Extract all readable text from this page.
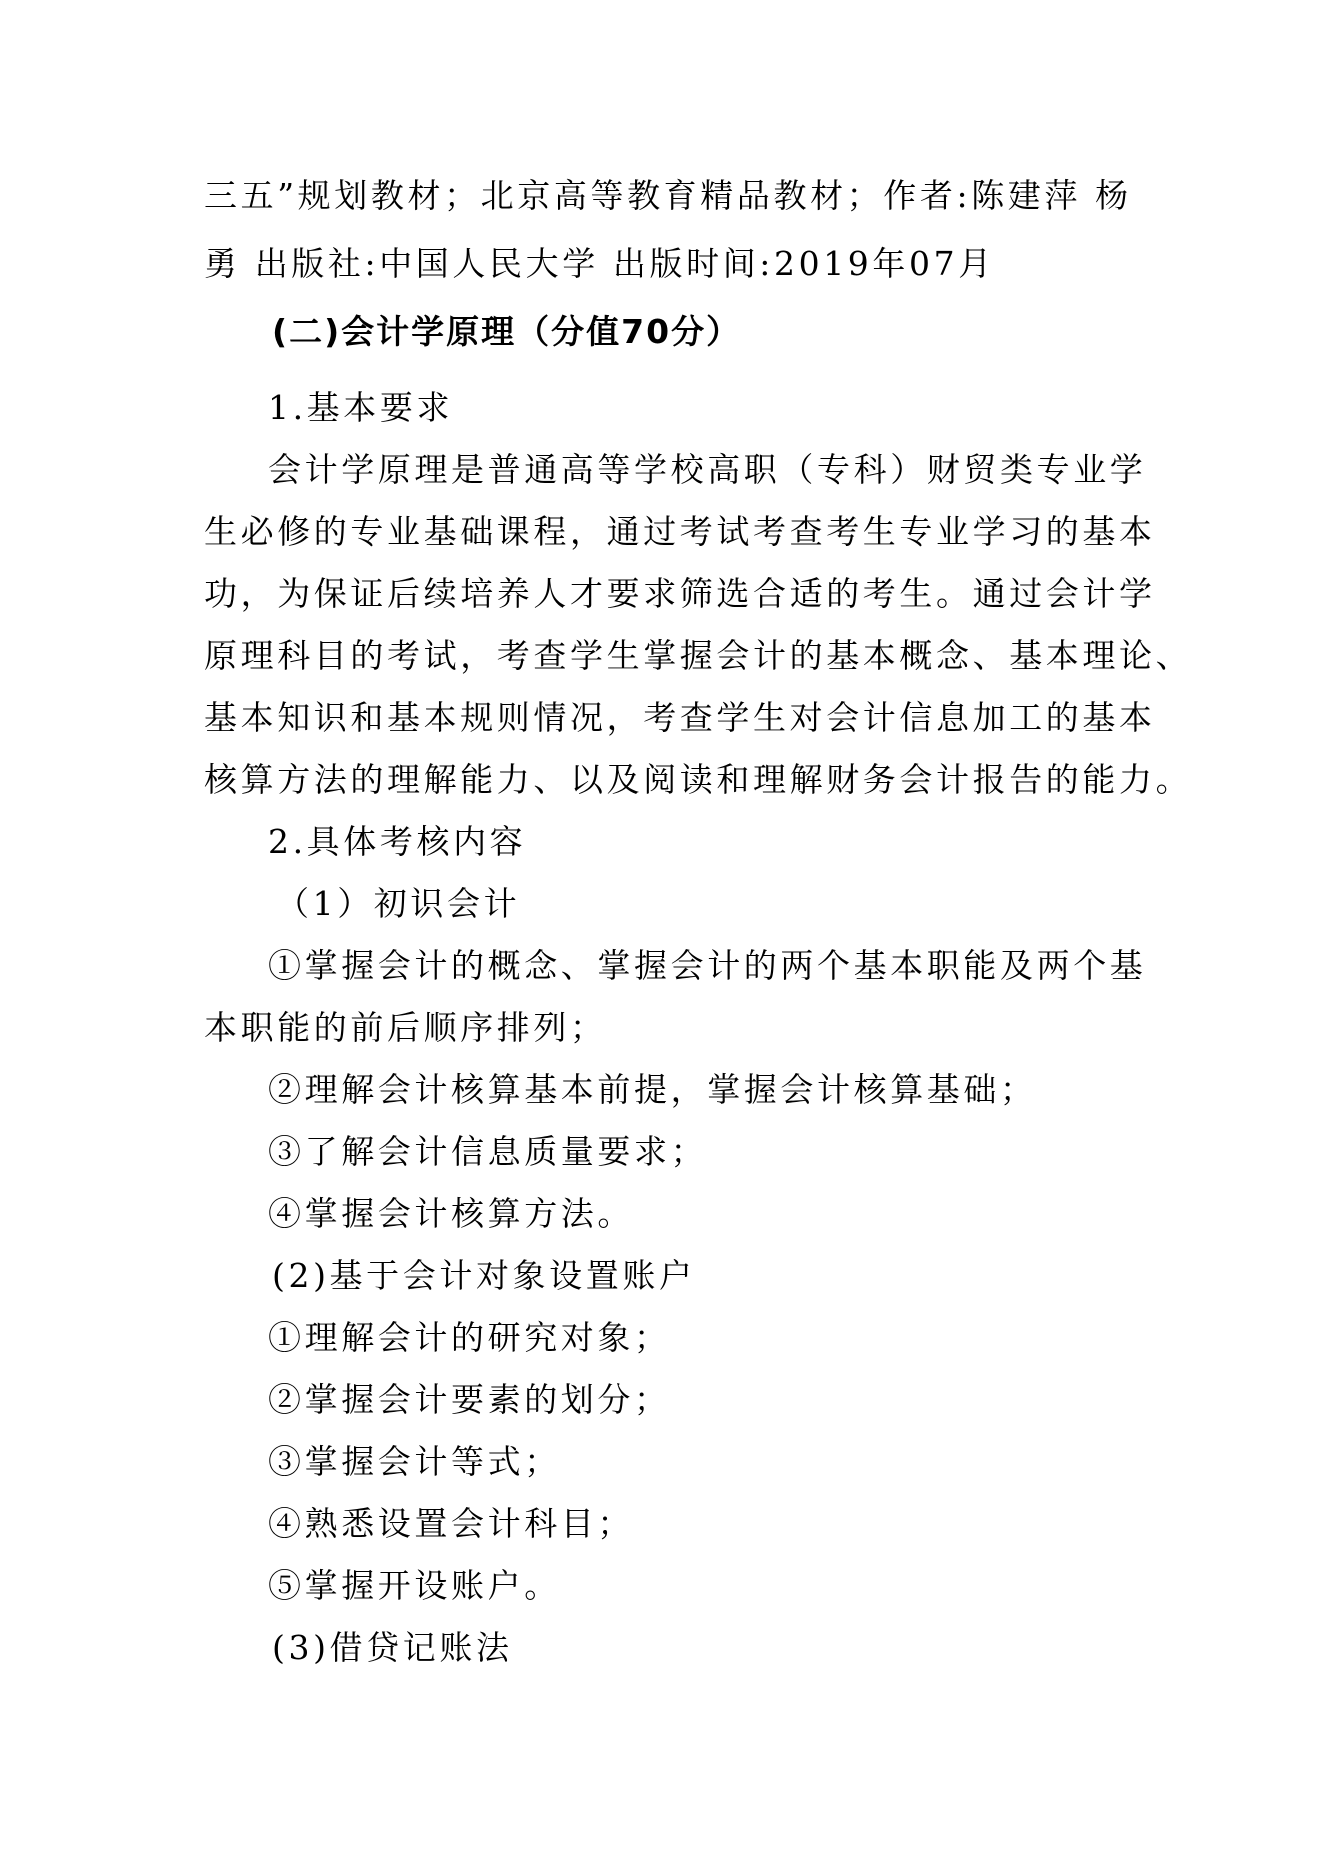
三五”规划教材；北京高等教育精品教材；作者:陈建萍 杨
勇 出版社:中国人民大学 出版时间:2019年07月
(二)会计学原理（分值70分）
1.基本要求
会计学原理是普通高等学校高职（专科）财贸类专业学
生必修的专业基础课程，通过考试考查考生专业学习的基本
功，为保证后续培养人才要求筛选合适的考生。通过会计学
原理科目的考试，考查学生掌握会计的基本概念、基本理论、
基本知识和基本规则情况，考查学生对会计信息加工的基本
核算方法的理解能力、以及阅读和理解财务会计报告的能力。
2.具体考核内容
（1）初识会计
①掌握会计的概念、掌握会计的两个基本职能及两个基
本职能的前后顺序排列；
②理解会计核算基本前提，掌握会计核算基础；
③了解会计信息质量要求；
④掌握会计核算方法。
(2)基于会计对象设置账户
①理解会计的研究对象；
②掌握会计要素的划分；
③掌握会计等式；
④熟悉设置会计科目；
⑤掌握开设账户。
(3)借贷记账法
